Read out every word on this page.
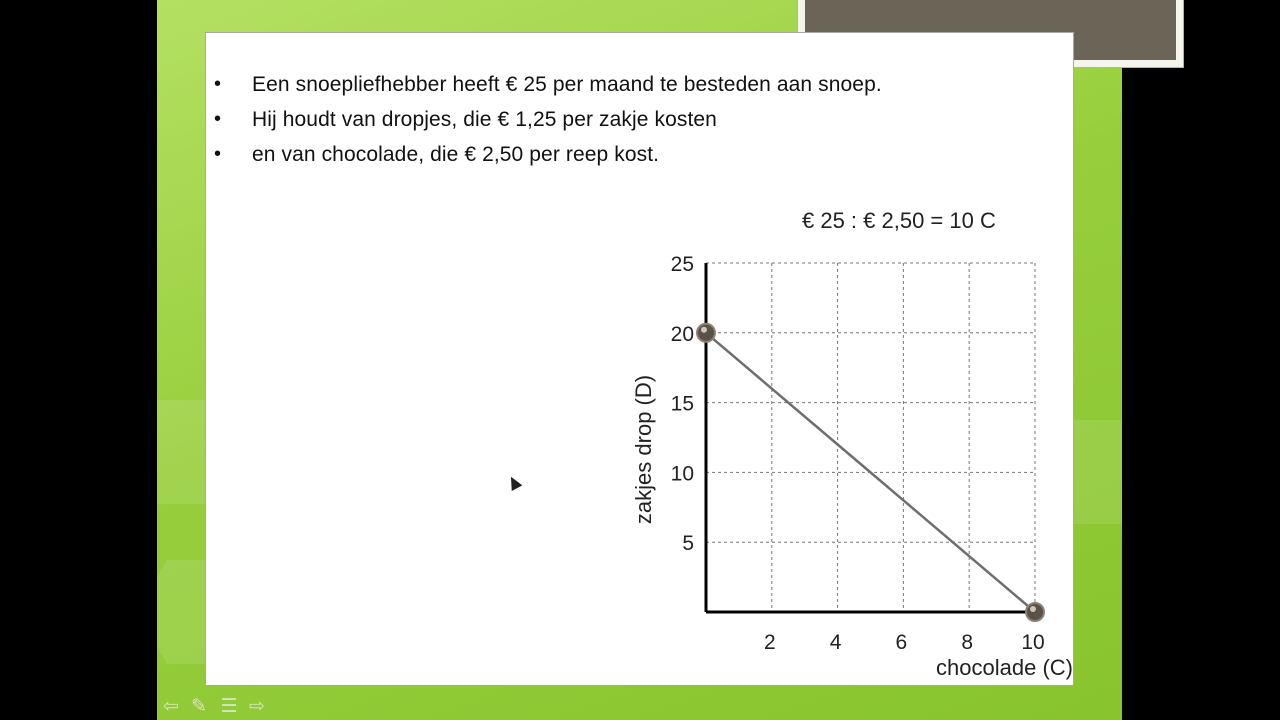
• Een snoepliefhebber heeft € 25 per maand te besteden aan snoep.
• Hij houdt van dropjes, die € 1,25 per zakje kosten
• en van chocolade, die € 2,50 per reep kost.
€ 25 : € 2,50 = 10 C
2	4	6	8 10
5
10
15
20
25
chocolade (C)
zakjes drop (D)
⇦ ✎ ☰ ⇨
